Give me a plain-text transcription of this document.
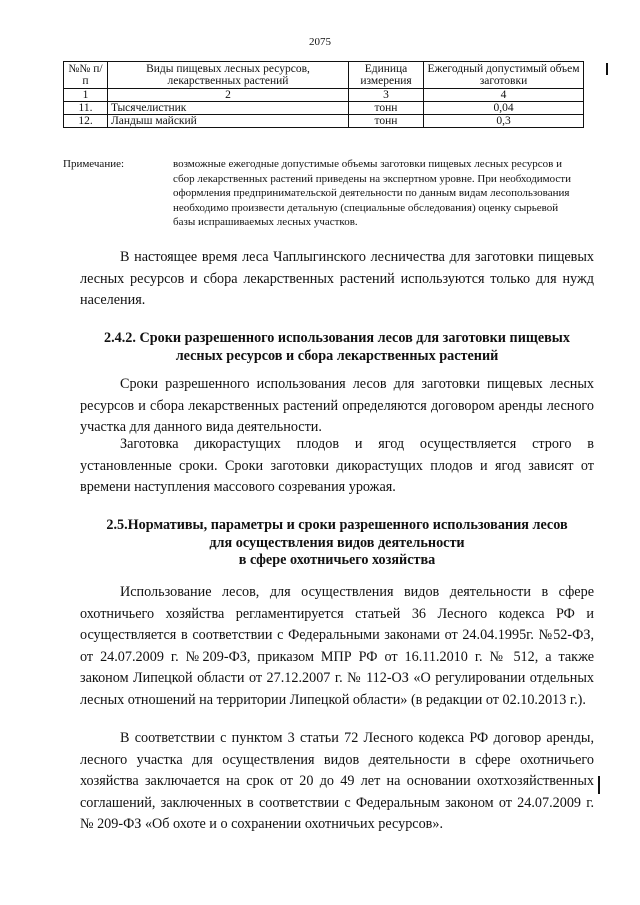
2075
№№ п/п	Виды пищевых лесных ресурсов, лекарственных растений	Единица измерения	Ежегодный допустимый объем заготовки
1	2	3	4
11.	Тысячелистник	тонн	0,04
12.	Ландыш майский	тонн	0,3
Примечание:	возможные ежегодные допустимые объемы заготовки пищевых лесных ресурсов и сбор лекарственных растений приведены на экспертном уровне. При необходимости оформления предпринимательской деятельности по данным видам лесопользования необходимо произвести детальную (специальные обследования) оценку сырьевой базы испрашиваемых лесных участков.

В настоящее время леса Чаплыгинского лесничества для заготовки пищевых лесных ресурсов и сбора лекарственных растений используются только для нужд населения.

2.4.2. Сроки разрешенного использования лесов для заготовки пищевых лесных ресурсов и сбора лекарственных растений

Сроки разрешенного использования лесов для заготовки пищевых лесных ресурсов и сбора лекарственных растений определяются договором аренды лесного участка для данного вида деятельности.

Заготовка дикорастущих плодов и ягод осуществляется строго в установленные сроки. Сроки заготовки дикорастущих плодов и ягод зависят от времени наступления массового созревания урожая.

2.5.Нормативы, параметры и сроки разрешенного использования лесов
для осуществления видов деятельности
в сфере охотничьего хозяйства

Использование лесов, для осуществления видов деятельности в сфере охотничьего хозяйства регламентируется статьей 36 Лесного кодекса РФ и осуществляется в соответствии с Федеральными законами от 24.04.1995г. №52-ФЗ, от 24.07.2009 г. №209-ФЗ, приказом МПР РФ от 16.11.2010 г. № 512, а также законом Липецкой области от 27.12.2007 г. № 112-ОЗ «О регулировании отдельных лесных отношений на территории Липецкой области» (в редакции от 02.10.2013 г.).

В соответствии с пунктом 3 статьи 72 Лесного кодекса РФ договор аренды, лесного участка для осуществления видов деятельности в сфере охотничьего хозяйства заключается на срок от 20 до 49 лет на основании охотхозяйственных соглашений, заключенных в соответствии с Федеральным законом от 24.07.2009 г. № 209-ФЗ «Об охоте и о сохранении охотничьих ресурсов».
